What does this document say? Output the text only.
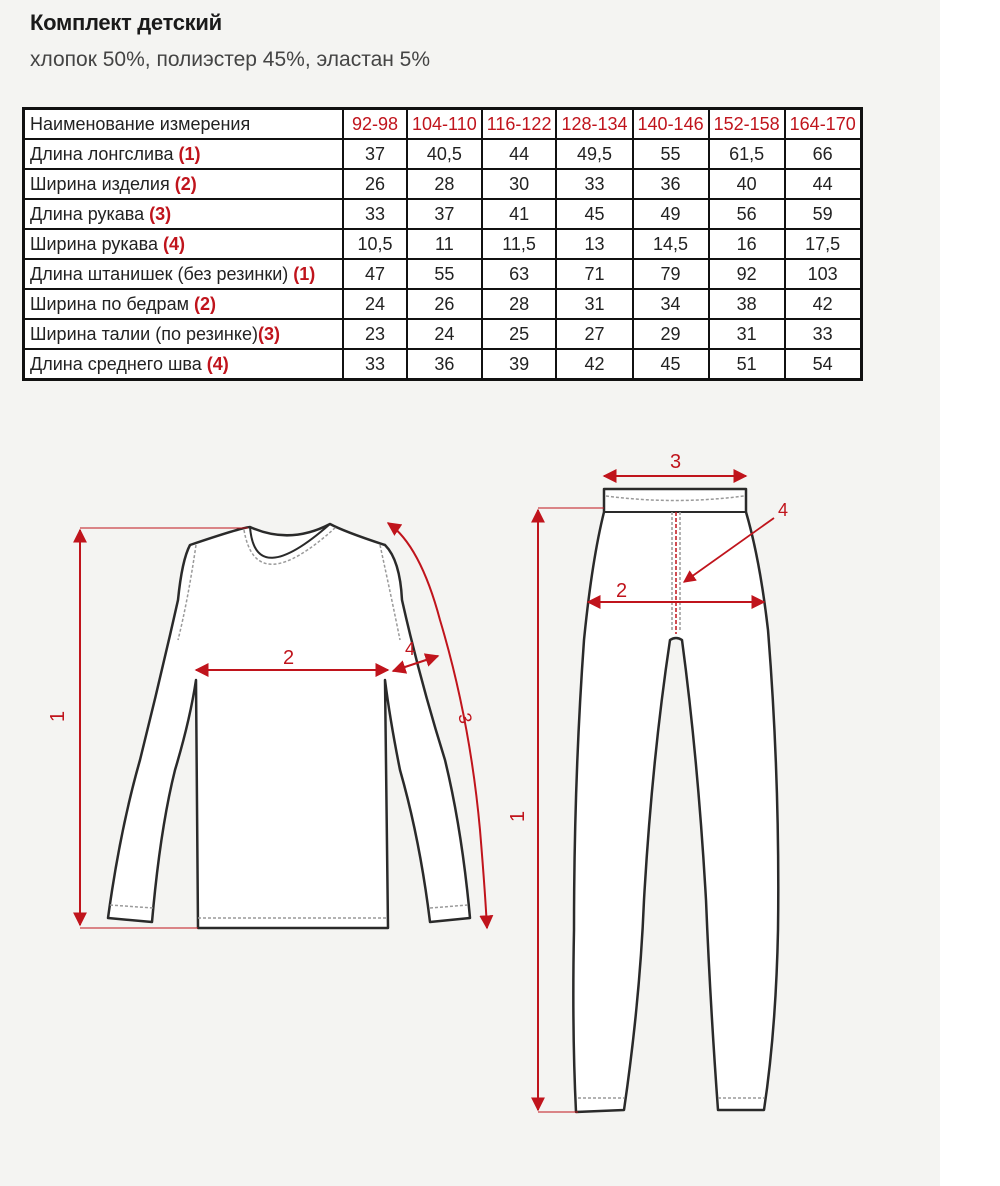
Комплект детский
хлопок 50%, полиэстер 45%, эластан 5%
Наименование измерения	92-98	104-110	116-122	128-134	140-146	152-158	164-170
Длина лонгслива (1)	37	40,5	44	49,5	55	61,5	66
Ширина изделия (2)	26	28	30	33	36	40	44
Длина рукава (3)	33	37	41	45	49	56	59
Ширина рукава (4)	10,5	11	11,5	13	14,5	16	17,5
Длина штанишек (без резинки) (1)	47	55	63	71	79	92	103
Ширина по бедрам (2)	24	26	28	31	34	38	42
Ширина талии (по резинке)(3)	23	24	25	27	29	31	33
Длина среднего шва (4)	33	36	39	42	45	51	54
1
2	4
3
3
2
4
1
